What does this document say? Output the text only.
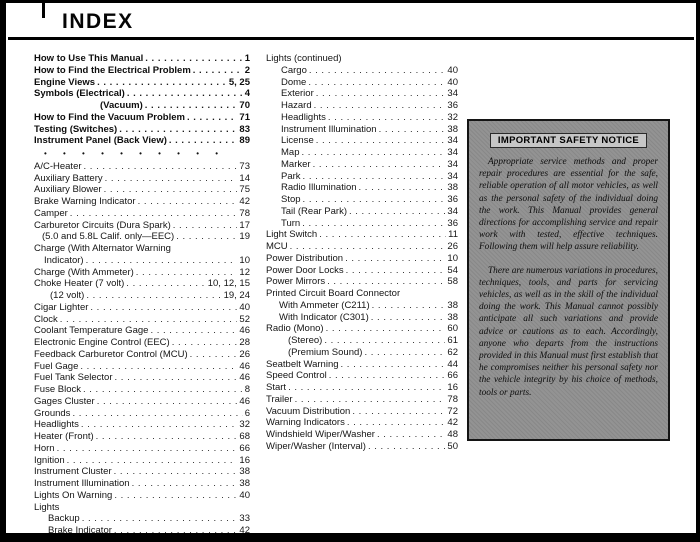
INDEX
How to Use This Manual . . .	1
How to Find the Electrical Problem . . .	2
Engine Views . . .	5, 25
Symbols (Electrical) . . .	4
(Vacuum) . . .	70
How to Find the Vacuum Problem . . .	71
Testing (Switches) . . .	83
Instrument Panel (Back View) . . .	89
• • • • • • • • • •
A/C-Heater . . .	73
Auxiliary Battery . . .	14
Auxiliary Blower . . .	75
Brake Warning Indicator . . .	42
Camper . . .	78
Carburetor Circuits (Dura Spark) . . .	17
(5.0 and 5.8L Calif. only—EEC) . . .	19
Charge (With Alternator Warning
Indicator) . . .	10
Charge (With Ammeter) . . .	12
Choke Heater (7 volt) . . .	10, 12, 15
(12 volt) . . .	19, 24
Cigar Lighter . . .	40
Clock . . .	52
Coolant Temperature Gage . . .	46
Electronic Engine Control (EEC) . . .	28
Feedback Carburetor Control (MCU) . . .	26
Fuel Gage . . .	46
Fuel Tank Selector . . .	46
Fuse Block . . .	8
Gages Cluster . . .	46
Grounds . . .	6
Headlights . . .	32
Heater (Front) . . .	68
Horn . . .	66
Ignition . . .	16
Instrument Cluster . . .	38
Instrument Illumination . . .	38
Lights On Warning . . .	40
Lights
Backup . . .	33
Brake Indicator . . .	42
Lights (continued)
Cargo . . .	40
Dome . . .	40
Exterior . . .	34
Hazard . . .	36
Headlights . . .	32
Instrument Illumination . . .	38
License . . .	34
Map . . .	34
Marker . . .	34
Park . . .	34
Radio Illumination . . .	38
Stop . . .	36
Tail (Rear Park) . . .	34
Turn . . .	36
Light Switch . . .	11
MCU . . .	26
Power Distribution . . .	10
Power Door Locks . . .	54
Power Mirrors . . .	58
Printed Circuit Board Connector
With Ammeter (C211) . . .	38
With Indicator (C301) . . .	38
Radio (Mono) . . .	60
(Stereo) . . .	61
(Premium Sound) . . .	62
Seatbelt Warning . . .	44
Speed Control . . .	66
Start . . .	16
Trailer . . .	78
Vacuum Distribution . . .	72
Warning Indicators . . .	42
Windshield Wiper/Washer . . .	48
Wiper/Washer (Interval) . . .	50
IMPORTANT SAFETY NOTICE

Appropriate service methods and proper repair procedures are essential for the safe, reliable operation of all motor vehicles, as well as the personal safety of the individual doing the work. This Manual provides general directions for accomplishing service and repair work with tested, effective techniques. Following them will help assure reliability.

There are numerous variations in procedures, techniques, tools, and parts for servicing vehicles, as well as in the skill of the individual doing the work. This Manual cannot possibly anticipate all such variations and provide advice or cautions as to each. Accordingly, anyone who departs from the instructions provided in this Manual must first establish that he compromises neither his personal safety nor the vehicle integrity by his choice of methods, tools or parts.
